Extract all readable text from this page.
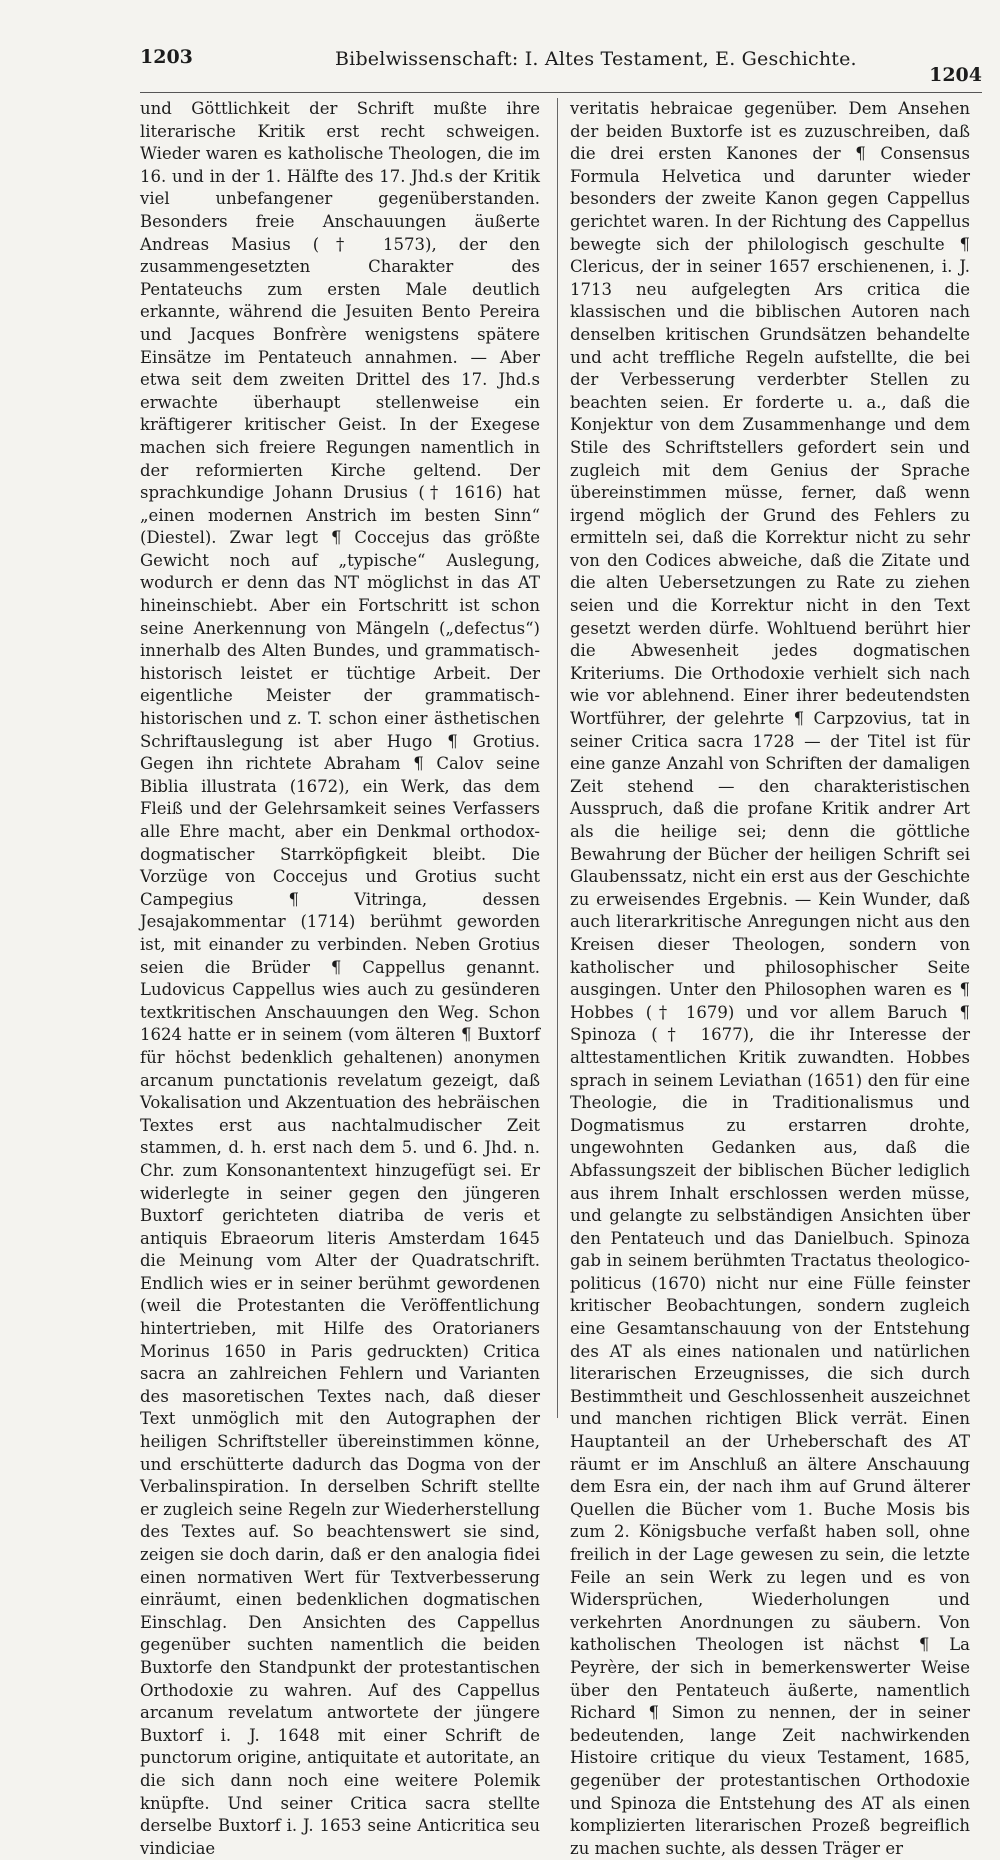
1203	Bibelwissenschaft: I. Altes Testament, E. Geschichte.
1204

und Göttlichkeit der Schrift mußte ihre literarische Kritik erst recht schweigen. Wieder waren es katholische Theologen, die im 16. und in der 1. Hälfte des 17. Jhd.s der Kritik viel unbefangener gegenüberstanden. Besonders freie Anschauungen äußerte Andreas Masius († 1573), der den zusammengesetzten Charakter des Pentateuchs zum ersten Male deutlich erkannte, während die Jesuiten Bento Pereira und Jacques Bonfrère wenigstens spätere Einsätze im Pentateuch annahmen. — Aber etwa seit dem zweiten Drittel des 17. Jhd.s erwachte überhaupt stellenweise ein kräftigerer kritischer Geist. In der Exegese machen sich freiere Regungen namentlich in der reformierten Kirche geltend. Der sprachkundige Johann Drusius († 1616) hat „einen modernen Anstrich im besten Sinn“ (Diestel). Zwar legt ¶ Coccejus das größte Gewicht noch auf „typische“ Auslegung, wodurch er denn das NT möglichst in das AT hineinschiebt. Aber ein Fortschritt ist schon seine Anerkennung von Mängeln („defectus“) innerhalb des Alten Bundes, und grammatisch-historisch leistet er tüchtige Arbeit. Der eigentliche Meister der grammatisch-historischen und z. T. schon einer ästhetischen Schriftauslegung ist aber Hugo ¶ Grotius. Gegen ihn richtete Abraham ¶ Calov seine Biblia illustrata (1672), ein Werk, das dem Fleiß und der Gelehrsamkeit seines Verfassers alle Ehre macht, aber ein Denkmal orthodox-dogmatischer Starrköpfigkeit bleibt. Die Vorzüge von Coccejus und Grotius sucht Campegius ¶ Vitringa, dessen Jesajakommentar (1714) berühmt geworden ist, mit einander zu verbinden. Neben Grotius seien die Brüder ¶ Cappellus genannt. Ludovicus Cappellus wies auch zu gesünderen textkritischen Anschauungen den Weg. Schon 1624 hatte er in seinem (vom älteren ¶ Buxtorf für höchst bedenklich gehaltenen) anonymen arcanum punctationis revelatum gezeigt, daß Vokalisation und Akzentuation des hebräischen Textes erst aus nachtalmudischer Zeit stammen, d. h. erst nach dem 5. und 6. Jhd. n. Chr. zum Konsonantentext hinzugefügt sei. Er widerlegte in seiner gegen den jüngeren Buxtorf gerichteten diatriba de veris et antiquis Ebraeorum literis Amsterdam 1645 die Meinung vom Alter der Quadratschrift. Endlich wies er in seiner berühmt gewordenen (weil die Protestanten die Veröffentlichung hintertrieben, mit Hilfe des Oratorianers Morinus 1650 in Paris gedruckten) Critica sacra an zahlreichen Fehlern und Varianten des masoretischen Textes nach, daß dieser Text unmöglich mit den Autographen der heiligen Schriftsteller übereinstimmen könne, und erschütterte dadurch das Dogma von der Verbalinspiration. In derselben Schrift stellte er zugleich seine Regeln zur Wiederherstellung des Textes auf. So beachtenswert sie sind, zeigen sie doch darin, daß er den analogia fidei einen normativen Wert für Textverbesserung einräumt, einen bedenklichen dogmatischen Einschlag. Den Ansichten des Cappellus gegenüber suchten namentlich die beiden Buxtorfe den Standpunkt der protestantischen Orthodoxie zu wahren. Auf des Cappellus arcanum revelatum antwortete der jüngere Buxtorf i. J. 1648 mit einer Schrift de punctorum origine, antiquitate et autoritate, an die sich dann noch eine weitere Polemik knüpfte. Und seiner Critica sacra stellte derselbe Buxtorf i. J. 1653 seine Anticritica seu vindiciae

veritatis hebraicae gegenüber. Dem Ansehen der beiden Buxtorfe ist es zuzuschreiben, daß die drei ersten Kanones der ¶ Consensus Formula Helvetica und darunter wieder besonders der zweite Kanon gegen Cappellus gerichtet waren. In der Richtung des Cappellus bewegte sich der philologisch geschulte ¶ Clericus, der in seiner 1657 erschienenen, i. J. 1713 neu aufgelegten Ars critica die klassischen und die biblischen Autoren nach denselben kritischen Grundsätzen behandelte und acht treffliche Regeln aufstellte, die bei der Verbesserung verderbter Stellen zu beachten seien. Er forderte u. a., daß die Konjektur von dem Zusammenhange und dem Stile des Schriftstellers gefordert sein und zugleich mit dem Genius der Sprache übereinstimmen müsse, ferner, daß wenn irgend möglich der Grund des Fehlers zu ermitteln sei, daß die Korrektur nicht zu sehr von den Codices abweiche, daß die Zitate und die alten Uebersetzungen zu Rate zu ziehen seien und die Korrektur nicht in den Text gesetzt werden dürfe. Wohltuend berührt hier die Abwesenheit jedes dogmatischen Kriteriums. Die Orthodoxie verhielt sich nach wie vor ablehnend. Einer ihrer bedeutendsten Wortführer, der gelehrte ¶ Carpzovius, tat in seiner Critica sacra 1728 — der Titel ist für eine ganze Anzahl von Schriften der damaligen Zeit stehend — den charakteristischen Ausspruch, daß die profane Kritik andrer Art als die heilige sei; denn die göttliche Bewahrung der Bücher der heiligen Schrift sei Glaubenssatz, nicht ein erst aus der Geschichte zu erweisendes Ergebnis. — Kein Wunder, daß auch literarkritische Anregungen nicht aus den Kreisen dieser Theologen, sondern von katholischer und philosophischer Seite ausgingen. Unter den Philosophen waren es ¶ Hobbes († 1679) und vor allem Baruch ¶ Spinoza († 1677), die ihr Interesse der alttestamentlichen Kritik zuwandten. Hobbes sprach in seinem Leviathan (1651) den für eine Theologie, die in Traditionalismus und Dogmatismus zu erstarren drohte, ungewohnten Gedanken aus, daß die Abfassungszeit der biblischen Bücher lediglich aus ihrem Inhalt erschlossen werden müsse, und gelangte zu selbständigen Ansichten über den Pentateuch und das Danielbuch. Spinoza gab in seinem berühmten Tractatus theologico-politicus (1670) nicht nur eine Fülle feinster kritischer Beobachtungen, sondern zugleich eine Gesamtanschauung von der Entstehung des AT als eines nationalen und natürlichen literarischen Erzeugnisses, die sich durch Bestimmtheit und Geschlossenheit auszeichnet und manchen richtigen Blick verrät. Einen Hauptanteil an der Urheberschaft des AT räumt er im Anschluß an ältere Anschauung dem Esra ein, der nach ihm auf Grund älterer Quellen die Bücher vom 1. Buche Mosis bis zum 2. Königsbuche verfaßt haben soll, ohne freilich in der Lage gewesen zu sein, die letzte Feile an sein Werk zu legen und es von Widersprüchen, Wiederholungen und verkehrten Anordnungen zu säubern. Von katholischen Theologen ist nächst ¶ La Peyrère, der sich in bemerkenswerter Weise über den Pentateuch äußerte, namentlich Richard ¶ Simon zu nennen, der in seiner bedeutenden, lange Zeit nachwirkenden Histoire critique du vieux Testament, 1685, gegenüber der protestantischen Orthodoxie und Spinoza die Entstehung des AT als einen komplizierten literarischen Prozeß begreiflich zu machen suchte, als dessen Träger er
